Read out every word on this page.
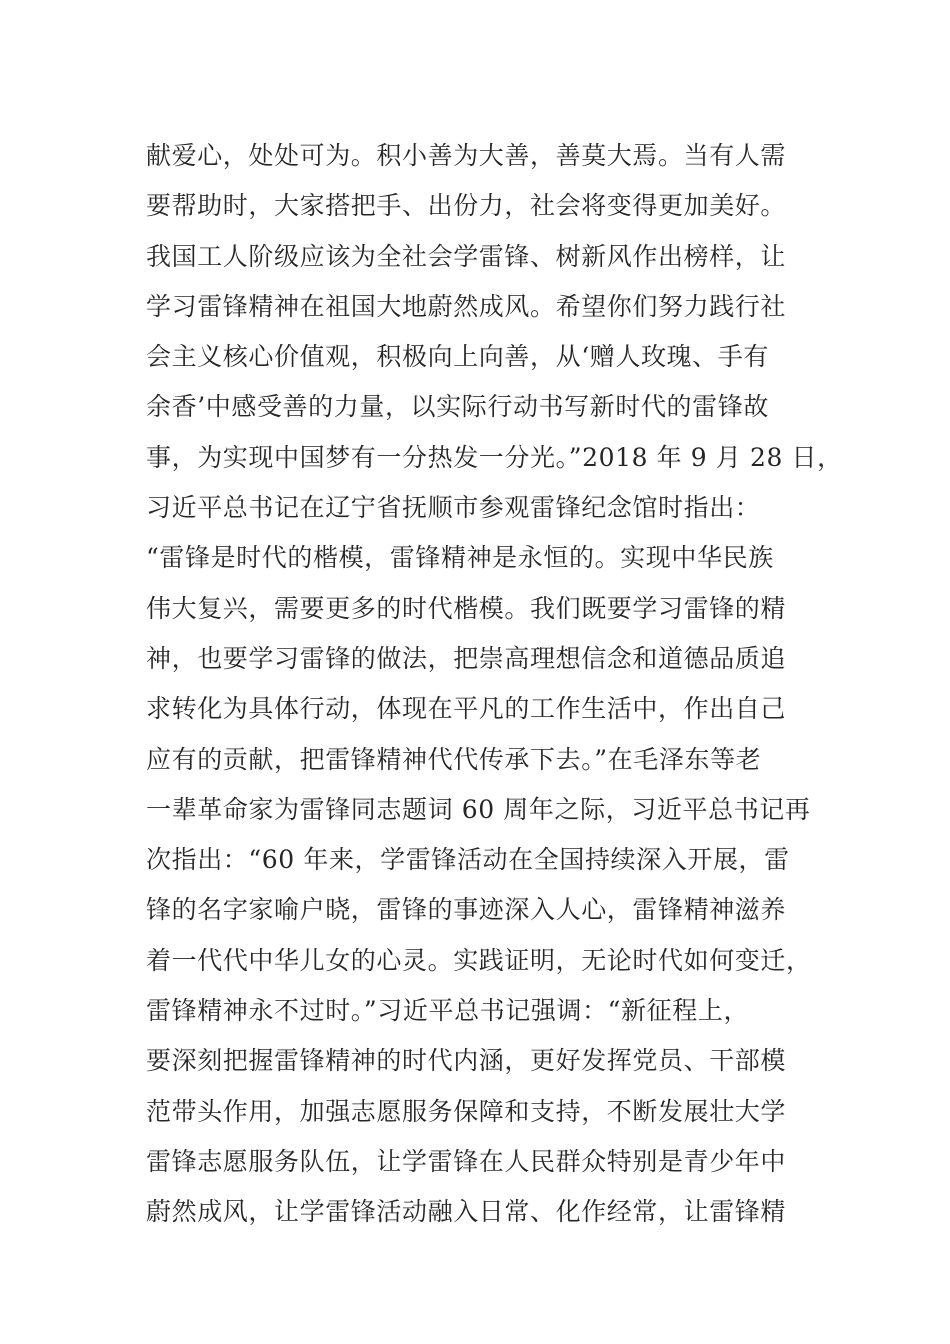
献爱心，处处可为。积小善为大善，善莫大焉。当有人需
要帮助时，大家搭把手、出份力，社会将变得更加美好。
我国工人阶级应该为全社会学雷锋、树新风作出榜样，让
学习雷锋精神在祖国大地蔚然成风。希望你们努力践行社
会主义核心价值观，积极向上向善，从‘赠人玫瑰、手有
余香’中感受善的力量，以实际行动书写新时代的雷锋故
事，为实现中国梦有一分热发一分光。”2018 年 9 月 28 日，
习近平总书记在辽宁省抚顺市参观雷锋纪念馆时指出：
“雷锋是时代的楷模，雷锋精神是永恒的。实现中华民族
伟大复兴，需要更多的时代楷模。我们既要学习雷锋的精
神，也要学习雷锋的做法，把崇高理想信念和道德品质追
求转化为具体行动，体现在平凡的工作生活中，作出自己
应有的贡献，把雷锋精神代代传承下去。”在毛泽东等老
一辈革命家为雷锋同志题词 60 周年之际，习近平总书记再
次指出：“60 年来，学雷锋活动在全国持续深入开展，雷
锋的名字家喻户晓，雷锋的事迹深入人心，雷锋精神滋养
着一代代中华儿女的心灵。实践证明，无论时代如何变迁，
雷锋精神永不过时。”习近平总书记强调：“新征程上，
要深刻把握雷锋精神的时代内涵，更好发挥党员、干部模
范带头作用，加强志愿服务保障和支持，不断发展壮大学
雷锋志愿服务队伍，让学雷锋在人民群众特别是青少年中
蔚然成风，让学雷锋活动融入日常、化作经常，让雷锋精
